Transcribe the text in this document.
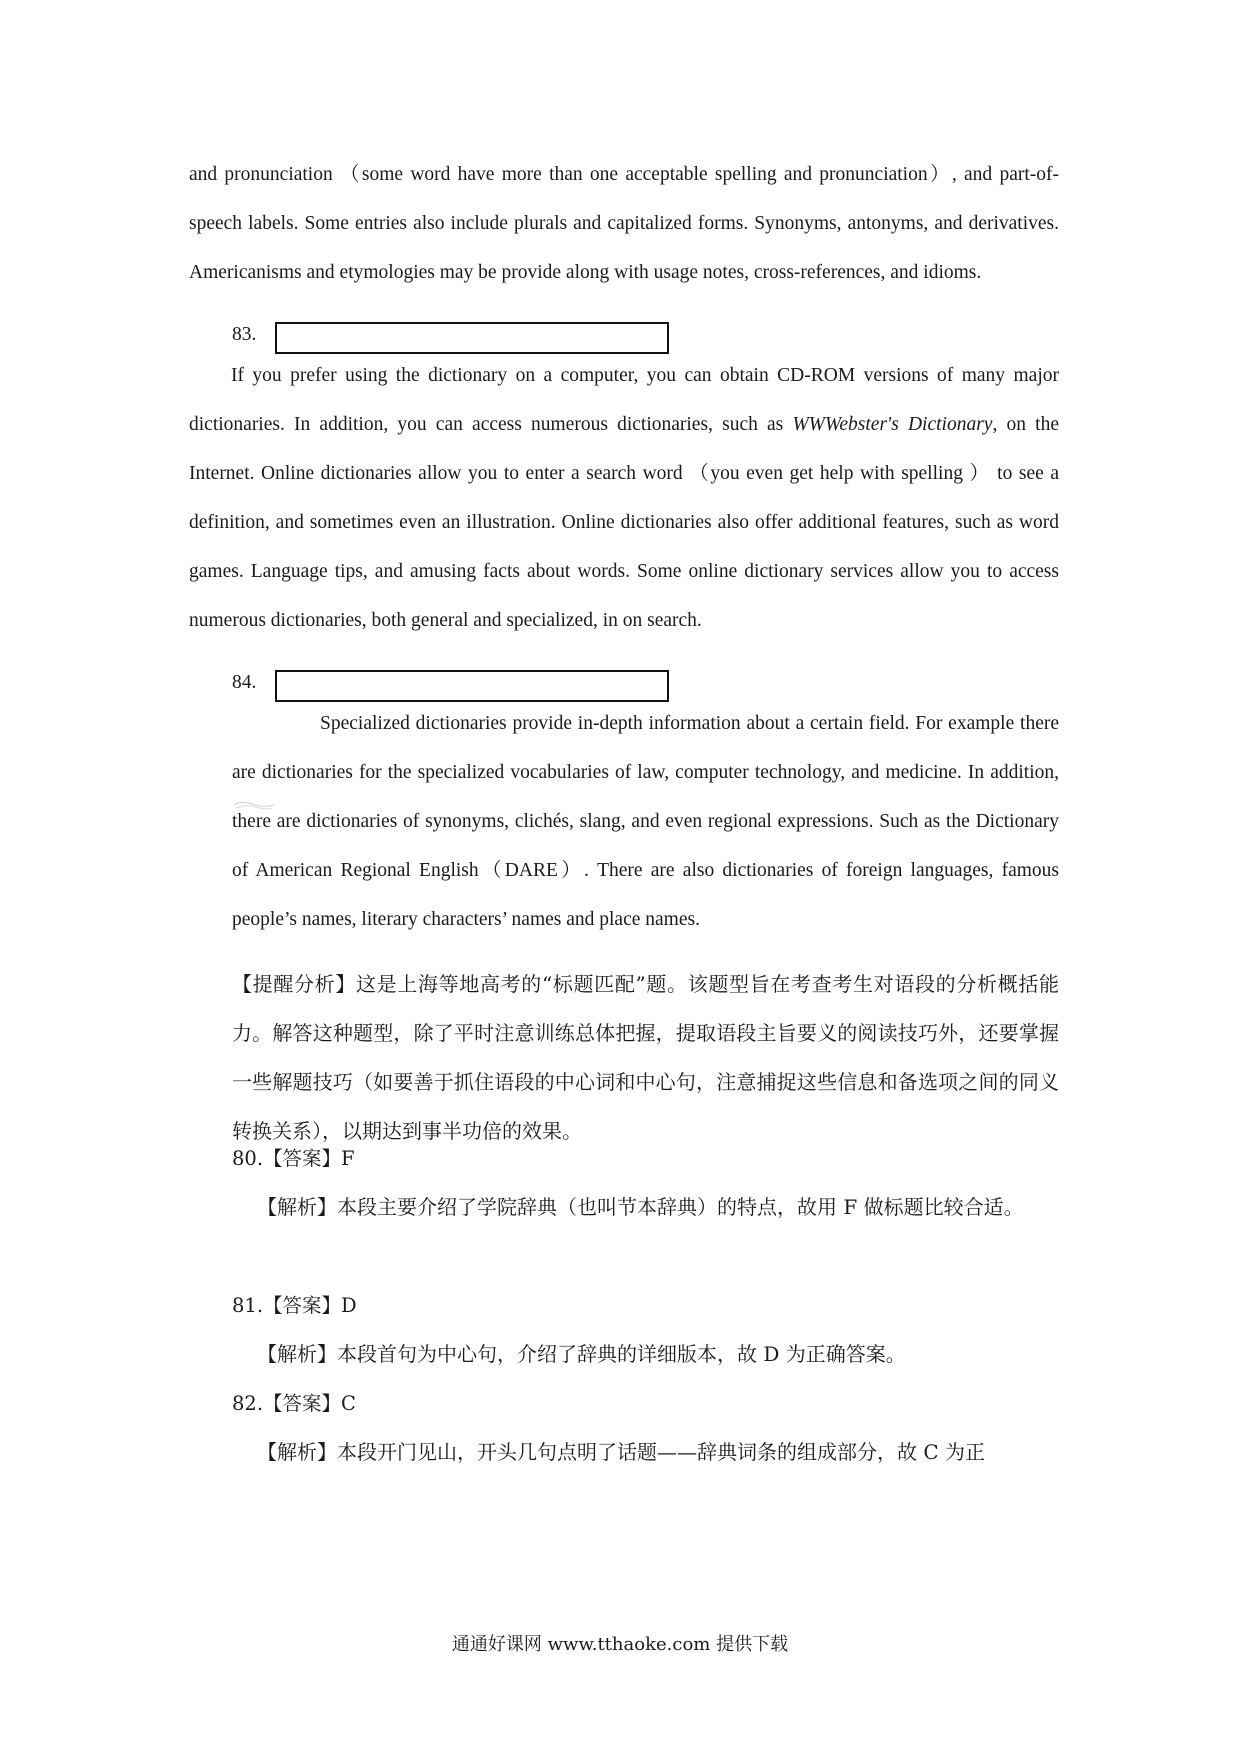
and pronunciation （some word have more than one acceptable spelling and pronunciation）, and part-of-speech labels. Some entries also include plurals and capitalized forms. Synonyms, antonyms, and derivatives. Americanisms and etymologies may be provide along with usage notes, cross-references, and idioms.

83.

If you prefer using the dictionary on a computer, you can obtain CD-ROM versions of many major dictionaries. In addition, you can access numerous dictionaries, such as WWWebster's Dictionary, on the Internet. Online dictionaries allow you to enter a search word （you even get help with spelling ） to see a definition, and sometimes even an illustration. Online dictionaries also offer additional features, such as word games. Language tips, and amusing facts about words. Some online dictionary services allow you to access numerous dictionaries, both general and specialized, in on search.

84.

Specialized dictionaries provide in-depth information about a certain field. For example there are dictionaries for the specialized vocabularies of law, computer technology, and medicine. In addition, there are dictionaries of synonyms, clichés, slang, and even regional expressions. Such as the Dictionary of American Regional English（DARE）. There are also dictionaries of foreign languages, famous people’s names, literary characters’ names and place names.

【提醒分析】这是上海等地高考的“标题匹配”题。该题型旨在考查考生对语段的分析概括能力。解答这种题型，除了平时注意训练总体把握，提取语段主旨要义的阅读技巧外，还要掌握一些解题技巧（如要善于抓住语段的中心词和中心句，注意捕捉这些信息和备选项之间的同义转换关系），以期达到事半功倍的效果。

80.【答案】F

【解析】本段主要介绍了学院辞典（也叫节本辞典）的特点，故用 F 做标题比较合适。

81.【答案】D

【解析】本段首句为中心句，介绍了辞典的详细版本，故 D 为正确答案。

82.【答案】C

【解析】本段开门见山，开头几句点明了话题——辞典词条的组成部分，故 C 为正

通通好课网 www.tthaoke.com 提供下载
